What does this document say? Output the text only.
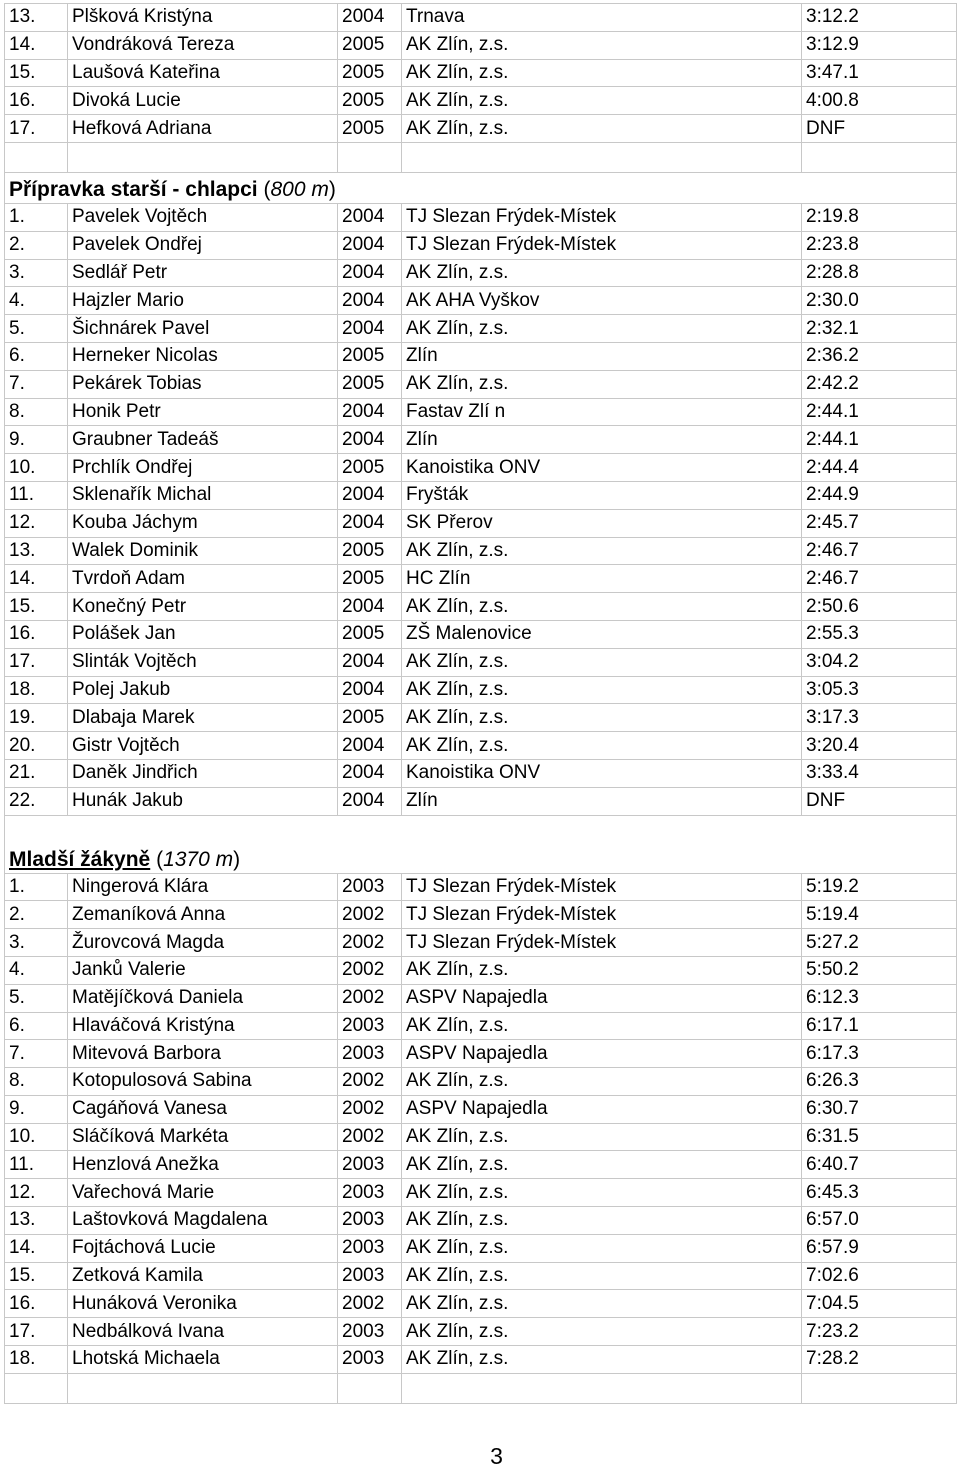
13.	Plšková Kristýna	2004	Trnava	3:12.2
14.	Vondráková Tereza	2005	AK Zlín, z.s.	3:12.9
15.	Laušová Kateřina	2005	AK Zlín, z.s.	3:47.1
16.	Divoká Lucie	2005	AK Zlín, z.s.	4:00.8
17.	Hefková Adriana	2005	AK Zlín, z.s.	DNF

Přípravka starší - chlapci (800 m)				
1.	Pavelek Vojtěch	2004	TJ Slezan Frýdek-Místek	2:19.8
2.	Pavelek Ondřej	2004	TJ Slezan Frýdek-Místek	2:23.8
3.	Sedlář Petr	2004	AK Zlín, z.s.	2:28.8
4.	Hajzler Mario	2004	AK AHA Vyškov	2:30.0
5.	Šichnárek Pavel	2004	AK Zlín, z.s.	2:32.1
6.	Herneker Nicolas	2005	Zlín	2:36.2
7.	Pekárek Tobias	2005	AK Zlín, z.s.	2:42.2
8.	Honik Petr	2004	Fastav Zlí n	2:44.1
9.	Graubner Tadeáš	2004	Zlín	2:44.1
10.	Prchlík Ondřej	2005	Kanoistika ONV	2:44.4
11.	Sklenařík Michal	2004	Fryšták	2:44.9
12.	Kouba Jáchym	2004	SK Přerov	2:45.7
13.	Walek Dominik	2005	AK Zlín, z.s.	2:46.7
14.	Tvrdoň Adam	2005	HC Zlín	2:46.7
15.	Konečný Petr	2004	AK Zlín, z.s.	2:50.6
16.	Polášek Jan	2005	ZŠ Malenovice	2:55.3
17.	Slinták Vojtěch	2004	AK Zlín, z.s.	3:04.2
18.	Polej Jakub	2004	AK Zlín, z.s.	3:05.3
19.	Dlabaja Marek	2005	AK Zlín, z.s.	3:17.3
20.	Gistr Vojtěch	2004	AK Zlín, z.s.	3:20.4
21.	Daněk Jindřich	2004	Kanoistika ONV	3:33.4
22.	Hunák Jakub	2004	Zlín	DNF
Mladší žákyně (1370 m)				
1.	Ningerová Klára	2003	TJ Slezan Frýdek-Místek	5:19.2
2.	Zemaníková Anna	2002	TJ Slezan Frýdek-Místek	5:19.4
3.	Žurovcová Magda	2002	TJ Slezan Frýdek-Místek	5:27.2
4.	Janků Valerie	2002	AK Zlín, z.s.	5:50.2
5.	Matějíčková Daniela	2002	ASPV Napajedla	6:12.3
6.	Hlaváčová Kristýna	2003	AK Zlín, z.s.	6:17.1
7.	Mitevová Barbora	2003	ASPV Napajedla	6:17.3
8.	Kotopulosová Sabina	2002	AK Zlín, z.s.	6:26.3
9.	Cagáňová Vanesa	2002	ASPV Napajedla	6:30.7
10.	Sláčíková Markéta	2002	AK Zlín, z.s.	6:31.5
11.	Henzlová Anežka	2003	AK Zlín, z.s.	6:40.7
12.	Vařechová Marie	2003	AK Zlín, z.s.	6:45.3
13.	Laštovková Magdalena	2003	AK Zlín, z.s.	6:57.0
14.	Fojtáchová Lucie	2003	AK Zlín, z.s.	6:57.9
15.	Zetková Kamila	2003	AK Zlín, z.s.	7:02.6
16.	Hunáková Veronika	2002	AK Zlín, z.s.	7:04.5
17.	Nedbálková Ivana	2003	AK Zlín, z.s.	7:23.2
18.	Lhotská Michaela	2003	AK Zlín, z.s.	7:28.2

3
